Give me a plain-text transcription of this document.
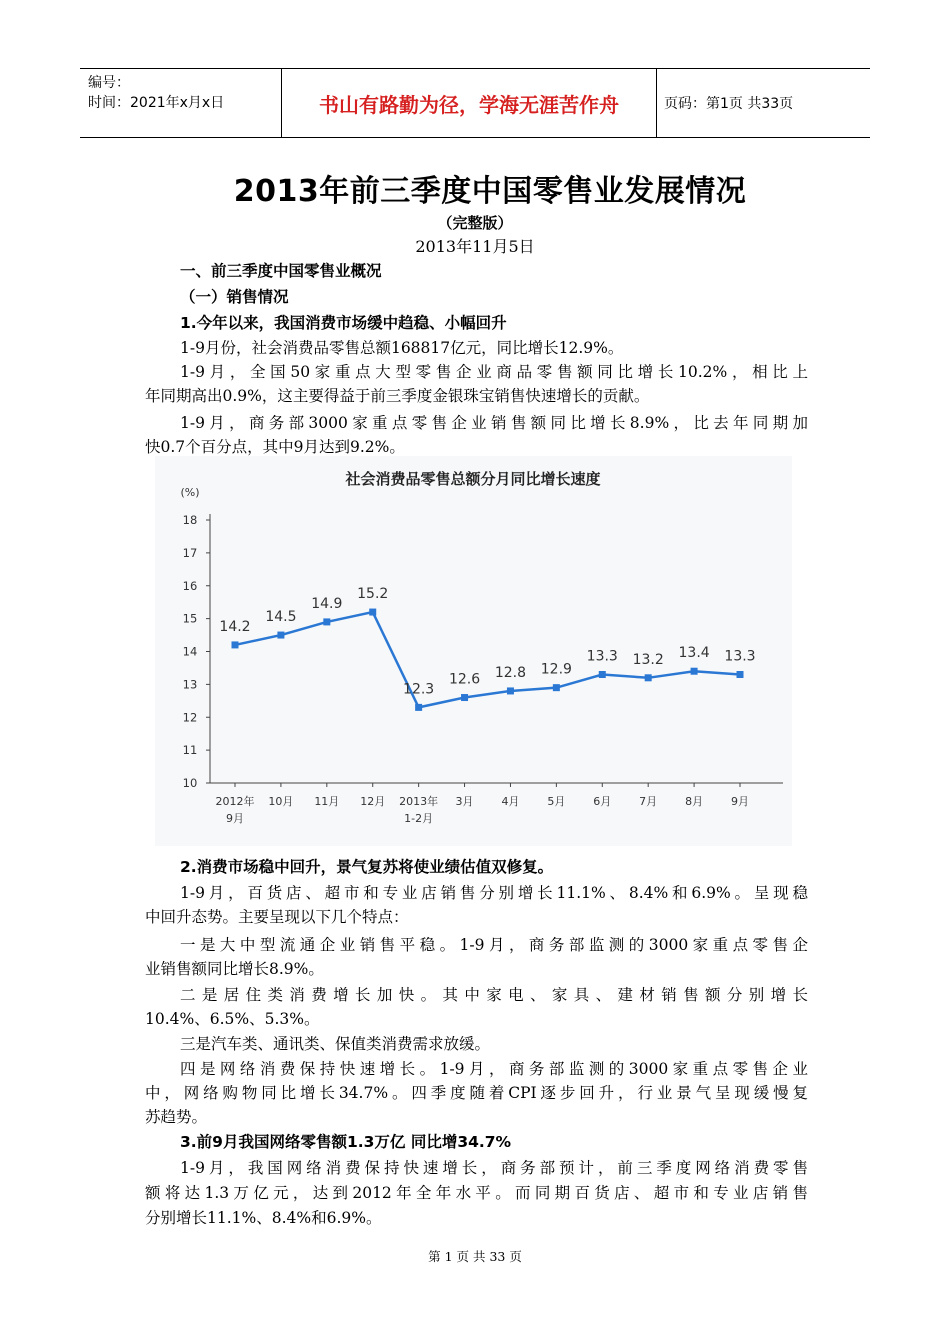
编号：
时间：2021年x月x日	书山有路勤为径，学海无涯苦作舟	页码：第1页 共33页
2013年前三季度中国零售业发展情况
（完整版）
2013年11月5日
一、前三季度中国零售业概况
（一）销售情况
1.今年以来，我国消费市场缓中趋稳、小幅回升
1-9月份，社会消费品零售总额168817亿元，同比增长12.9%。
1-9月，全国50家重点大型零售企业商品零售额同比增长10.2%，相比上
年同期高出0.9%，这主要得益于前三季度金银珠宝销售快速增长的贡献。
1-9月，商务部3000家重点零售企业销售额同比增长8.9%，比去年同期加
快0.7个百分点，其中9月达到9.2%。
社会消费品零售总额分月同比增长速度
(%)
10
11
12
13
14
15
16
17
18
2012年
9月
10月 11月 12月 2013年
1-2月
3月	4月	5月	6月	7月	8月	9月
14.2
14.5
14.9
15.2
12.3
12.6 12.8 12.9
13.3 13.2 13.4 13.3
2.消费市场稳中回升，景气复苏将使业绩估值双修复。
1-9月，百货店、超市和专业店销售分别增长11.1%、8.4%和6.9%。呈现稳
中回升态势。主要呈现以下几个特点：
一是大中型流通企业销售平稳。1-9月，商务部监测的3000家重点零售企
业销售额同比增长8.9%。
二是居住类消费增长加快。其中家电、家具、建材销售额分别增长
10.4%、6.5%、5.3%。
三是汽车类、通讯类、保值类消费需求放缓。
四是网络消费保持快速增长。1-9月，商务部监测的3000家重点零售企业
中，网络购物同比增长34.7%。四季度随着CPI逐步回升，行业景气呈现缓慢复
苏趋势。
3.前9月我国网络零售额1.3万亿 同比增34.7%
1-9月，我国网络消费保持快速增长，商务部预计，前三季度网络消费零售
额将达1.3万亿元，达到2012年全年水平。而同期百货店、超市和专业店销售
分别增长11.1%、8.4%和6.9%。
第 1 页 共 33 页
